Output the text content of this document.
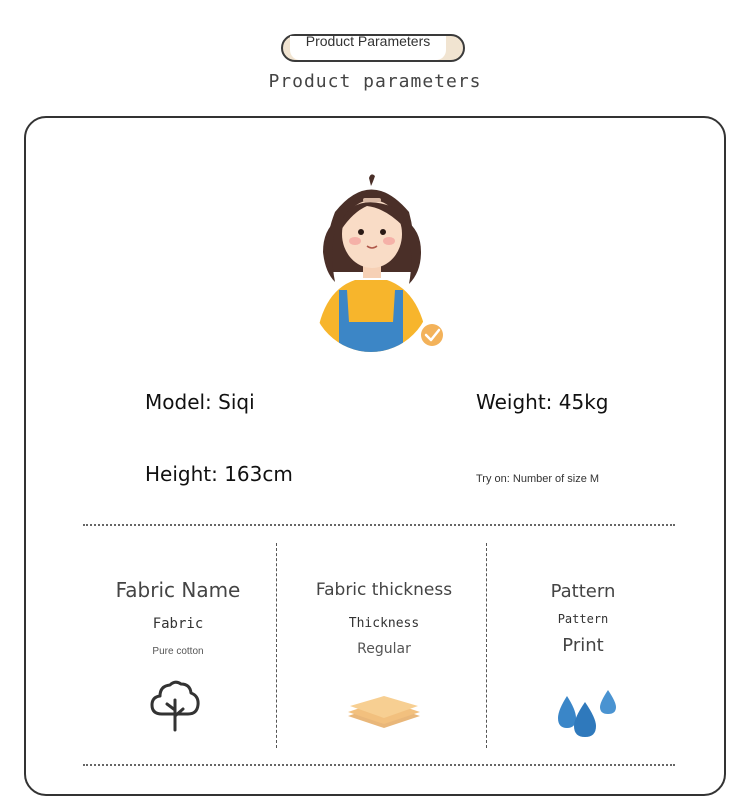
Product Parameters
Product parameters
Model: Siqi	Weight: 45kg
Height: 163cm	Try on: Number of size M
Fabric Name
Fabric
Pure cotton
Fabric thickness
Thickness
Regular
Pattern
Pattern
Print
